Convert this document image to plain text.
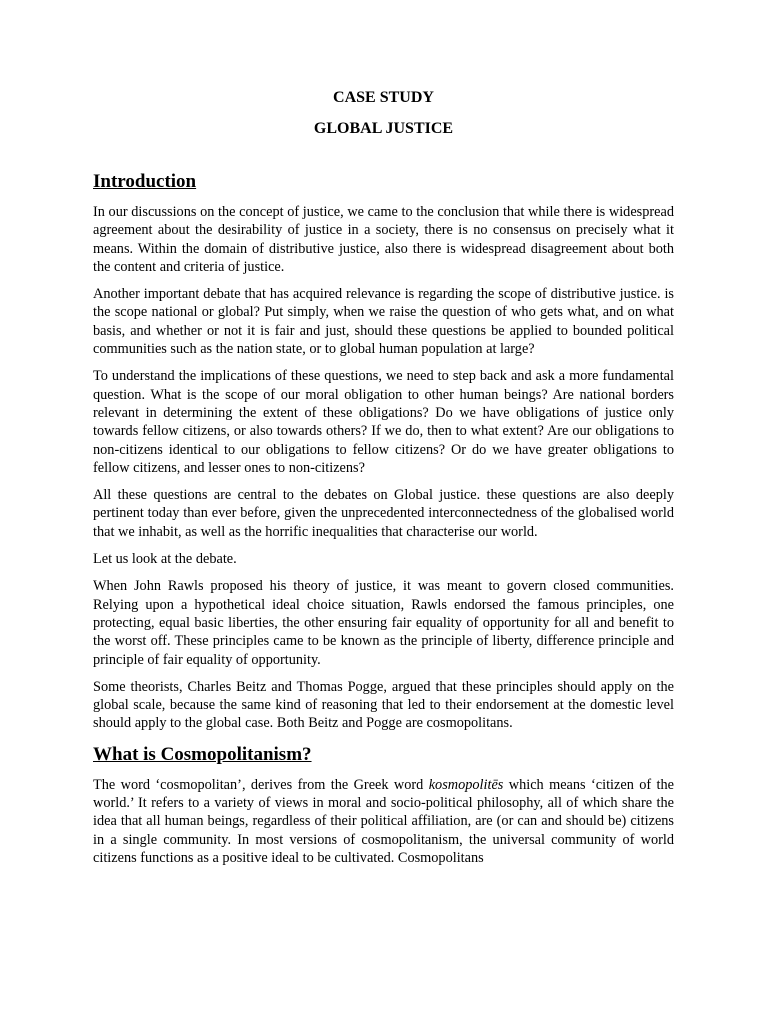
CASE STUDY
GLOBAL JUSTICE
Introduction

In our discussions on the concept of justice, we came to the conclusion that while there is widespread agreement about the desirability of justice in a society, there is no consensus on precisely what it means. Within the domain of distributive justice, also there is widespread disagreement about both the content and criteria of justice.

Another important debate that has acquired relevance is regarding the scope of distributive justice. is the scope national or global? Put simply, when we raise the question of who gets what, and on what basis, and whether or not it is fair and just, should these questions be applied to bounded political communities such as the nation state, or to global human population at large?

To understand the implications of these questions, we need to step back and ask a more fundamental question. What is the scope of our moral obligation to other human beings? Are national borders relevant in determining the extent of these obligations? Do we have obligations of justice only towards fellow citizens, or also towards others? If we do, then to what extent? Are our obligations to non-citizens identical to our obligations to fellow citizens? Or do we have greater obligations to fellow citizens, and lesser ones to non-citizens?

All these questions are central to the debates on Global justice. these questions are also deeply pertinent today than ever before, given the unprecedented interconnectedness of the globalised world that we inhabit, as well as the horrific inequalities that characterise our world.

Let us look at the debate.

When John Rawls proposed his theory of justice, it was meant to govern closed communities. Relying upon a hypothetical ideal choice situation, Rawls endorsed the famous principles, one protecting, equal basic liberties, the other ensuring fair equality of opportunity for all and benefit to the worst off. These principles came to be known as the principle of liberty, difference principle and principle of fair equality of opportunity.

Some theorists, Charles Beitz and Thomas Pogge, argued that these principles should apply on the global scale, because the same kind of reasoning that led to their endorsement at the domestic level should apply to the global case. Both Beitz and Pogge are cosmopolitans.

What is Cosmopolitanism?

The word ‘cosmopolitan’, derives from the Greek word kosmopolitēs which means ‘citizen of the world.’ It refers to a variety of views in moral and socio-political philosophy, all of which share the idea that all human beings, regardless of their political affiliation, are (or can and should be) citizens in a single community. In most versions of cosmopolitanism, the universal community of world citizens functions as a positive ideal to be cultivated. Cosmopolitans
